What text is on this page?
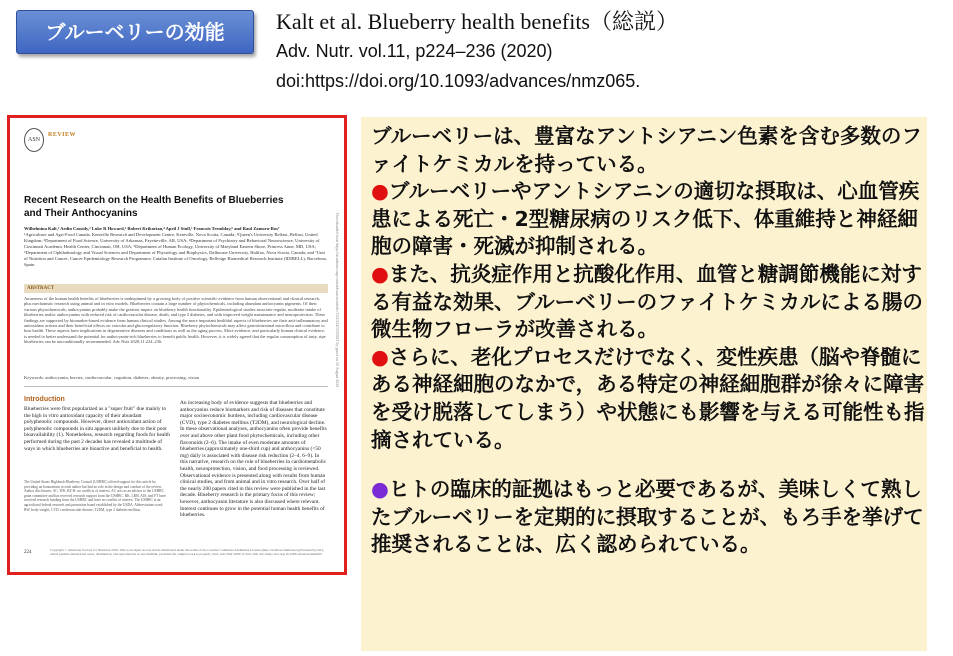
ブルーベリーの効能	Kalt et al. Blueberry health benefits（総説）
Adv. Nutr. vol.11, p224–236 (2020)
doi:https://doi.org/10.1093/advances/nmz065.
ASN
REVIEW
Recent Research on the Health Benefits of Blueberries and Their Anthocyanins
Wilhelmina Kalt,¹ Aedin Cassidy,² Luke R Howard,³ Robert Krikorian,⁴ April J Stull,⁵ Francois Tremblay,⁶ and Raul Zamora-Ros⁷
¹Agriculture and Agri-Food Canada, Kentville Research and Development Centre, Kentville, Nova Scotia, Canada; ²Queen's University Belfast, Belfast, United Kingdom; ³Department of Food Science, University of Arkansas, Fayetteville, AR, USA; ⁴Department of Psychiatry and Behavioral Neuroscience, University of Cincinnati Academic Health Center, Cincinnati, OH, USA; ⁵Department of Human Ecology, University of Maryland Eastern Shore, Princess Anne, MD, USA; ⁶Department of Ophthalmology and Visual Sciences and Department of Physiology and Biophysics, Dalhousie University, Halifax, Nova Scotia, Canada; and ⁷Unit of Nutrition and Cancer, Cancer Epidemiology Research Programme, Catalan Institute of Oncology, Bellvitge Biomedical Research Institute (IDIBELL), Barcelona, Spain
ABSTRACT
Awareness of the human health benefits of blueberries is underpinned by a growing body of positive scientific evidence from human observational and clinical research, plus mechanistic research using animal and in vitro models. Blueberries contain a large number of phytochemicals, including abundant anthocyanin pigments. Of their various phytochemicals, anthocyanins probably make the greatest impact on blueberry health functionality. Epidemiological studies associate regular, moderate intake of blueberries and/or anthocyanins with reduced risk of cardiovascular disease, death, and type 2 diabetes, and with improved weight maintenance and neuroprotection. These findings are supported by biomarker-based evidence from human clinical studies. Among the more important healthful aspects of blueberries are their anti-inflammatory and antioxidant actions and their beneficial effects on vascular and glucoregulatory function. Blueberry phytochemicals may affect gastrointestinal microflora and contribute to host health. These aspects have implications in degenerative diseases and conditions as well as the aging process. More evidence, and particularly human clinical evidence, is needed to better understand the potential for anthocyanin-rich blueberries to benefit public health. However, it is widely agreed that the regular consumption of tasty, ripe blueberries can be unconditionally recommended. Adv Nutr 2020;11:224–236.
Keywords: anthocyanin, berries, cardiovascular, cognition, diabetes, obesity, processing, vision
Introduction
Blueberries were first popularized as a "super fruit" due mainly to the high in vitro antioxidant capacity of their abundant polyphenolic compounds. However, direct antioxidant action of polyphenolic compounds in situ appears unlikely due to their poor bioavailability (1). Nonetheless, research regarding foods for health performed during the past 2 decades has revealed a multitude of ways in which blueberries are bioactive and beneficial to health.
An increasing body of evidence suggests that blueberries and anthocyanins reduce biomarkers and risk of diseases that constitute major socioeconomic burdens, including cardiovascular disease (CVD), type 2 diabetes mellitus (T2DM), and neurological decline. In these observational analyses, anthocyanins often provide benefits over and above other plant food phytochemicals, including other flavonoids (2–6). The intake of even moderate amounts of blueberries (approximately one-third cup) and anthocyanins (<50 mg) daily is associated with disease risk reduction (2–4, 6–9). In this narrative, research on the role of blueberries in cardiometabolic health, neuroprotection, vision, and food processing is reviewed. Observational evidence is presented along with results from human clinical studies, and from animal and in vitro research. Over half of the nearly 200 papers cited in this review were published in the last decade. Blueberry research is the primary focus of this review; however, anthocyanin literature is also discussed where relevant. Interest continues to grow in the potential human health benefits of blueberries.
The United States Highbush Blueberry Council (USHBC) offered support for this article by providing an honorarium to each author but had no role in the design and conduct of the review. Author disclosures: AC, WK, RZ-R: no conflicts of interest. AC acts as an adviser to the USHBC grant committee and has received research support from the USHBC. RK, LRH, AJS, and FT have received research funding from the USHBC and have no conflict of interest. The USHBC is an agricultural federal research and promotion board established by the USDA. Abbreviations used: BW, body weight; CVD, cardiovascular disease; T2DM, type 2 diabetes mellitus.
224	Copyright © American Society for Nutrition 2019. This is an Open Access article distributed under the terms of the Creative Commons Attribution License (http://creativecommons.org/licenses/by/4.0/), which permits unrestricted reuse, distribution, and reproduction in any medium, provided the original work is properly cited. Adv Nutr 2020;11:224–236; doi: https://doi.org/10.1093/advances/nmz065.
Downloaded from https://academic.oup.com/advances/article/11/2/224/5530921 by guest on 10 August 2022

ブルーベリーは、豊富なアントシアニン色素を含む多数のファイトケミカルを持っている。

●ブルーベリーやアントシアニンの適切な摂取は、心血管疾患による死亡・2型糖尿病のリスク低下、体重維持と神経細胞の障害・死滅が抑制される。

●また、抗炎症作用と抗酸化作用、血管と糖調節機能に対する有益な効果、ブルーベリーのファイトケミカルによる腸の微生物フローラが改善される。

●さらに、老化プロセスだけでなく、変性疾患（脳や脊髄にある神経細胞のなかで，ある特定の神経細胞群が徐々に障害を受け脱落してしまう）や状態にも影響を与える可能性も指摘されている。

●ヒトの臨床的証拠はもっと必要であるが、美味しくて熟したブルーベリーを定期的に摂取することが、もろ手を挙げて推奨されることは、広く認められている。
